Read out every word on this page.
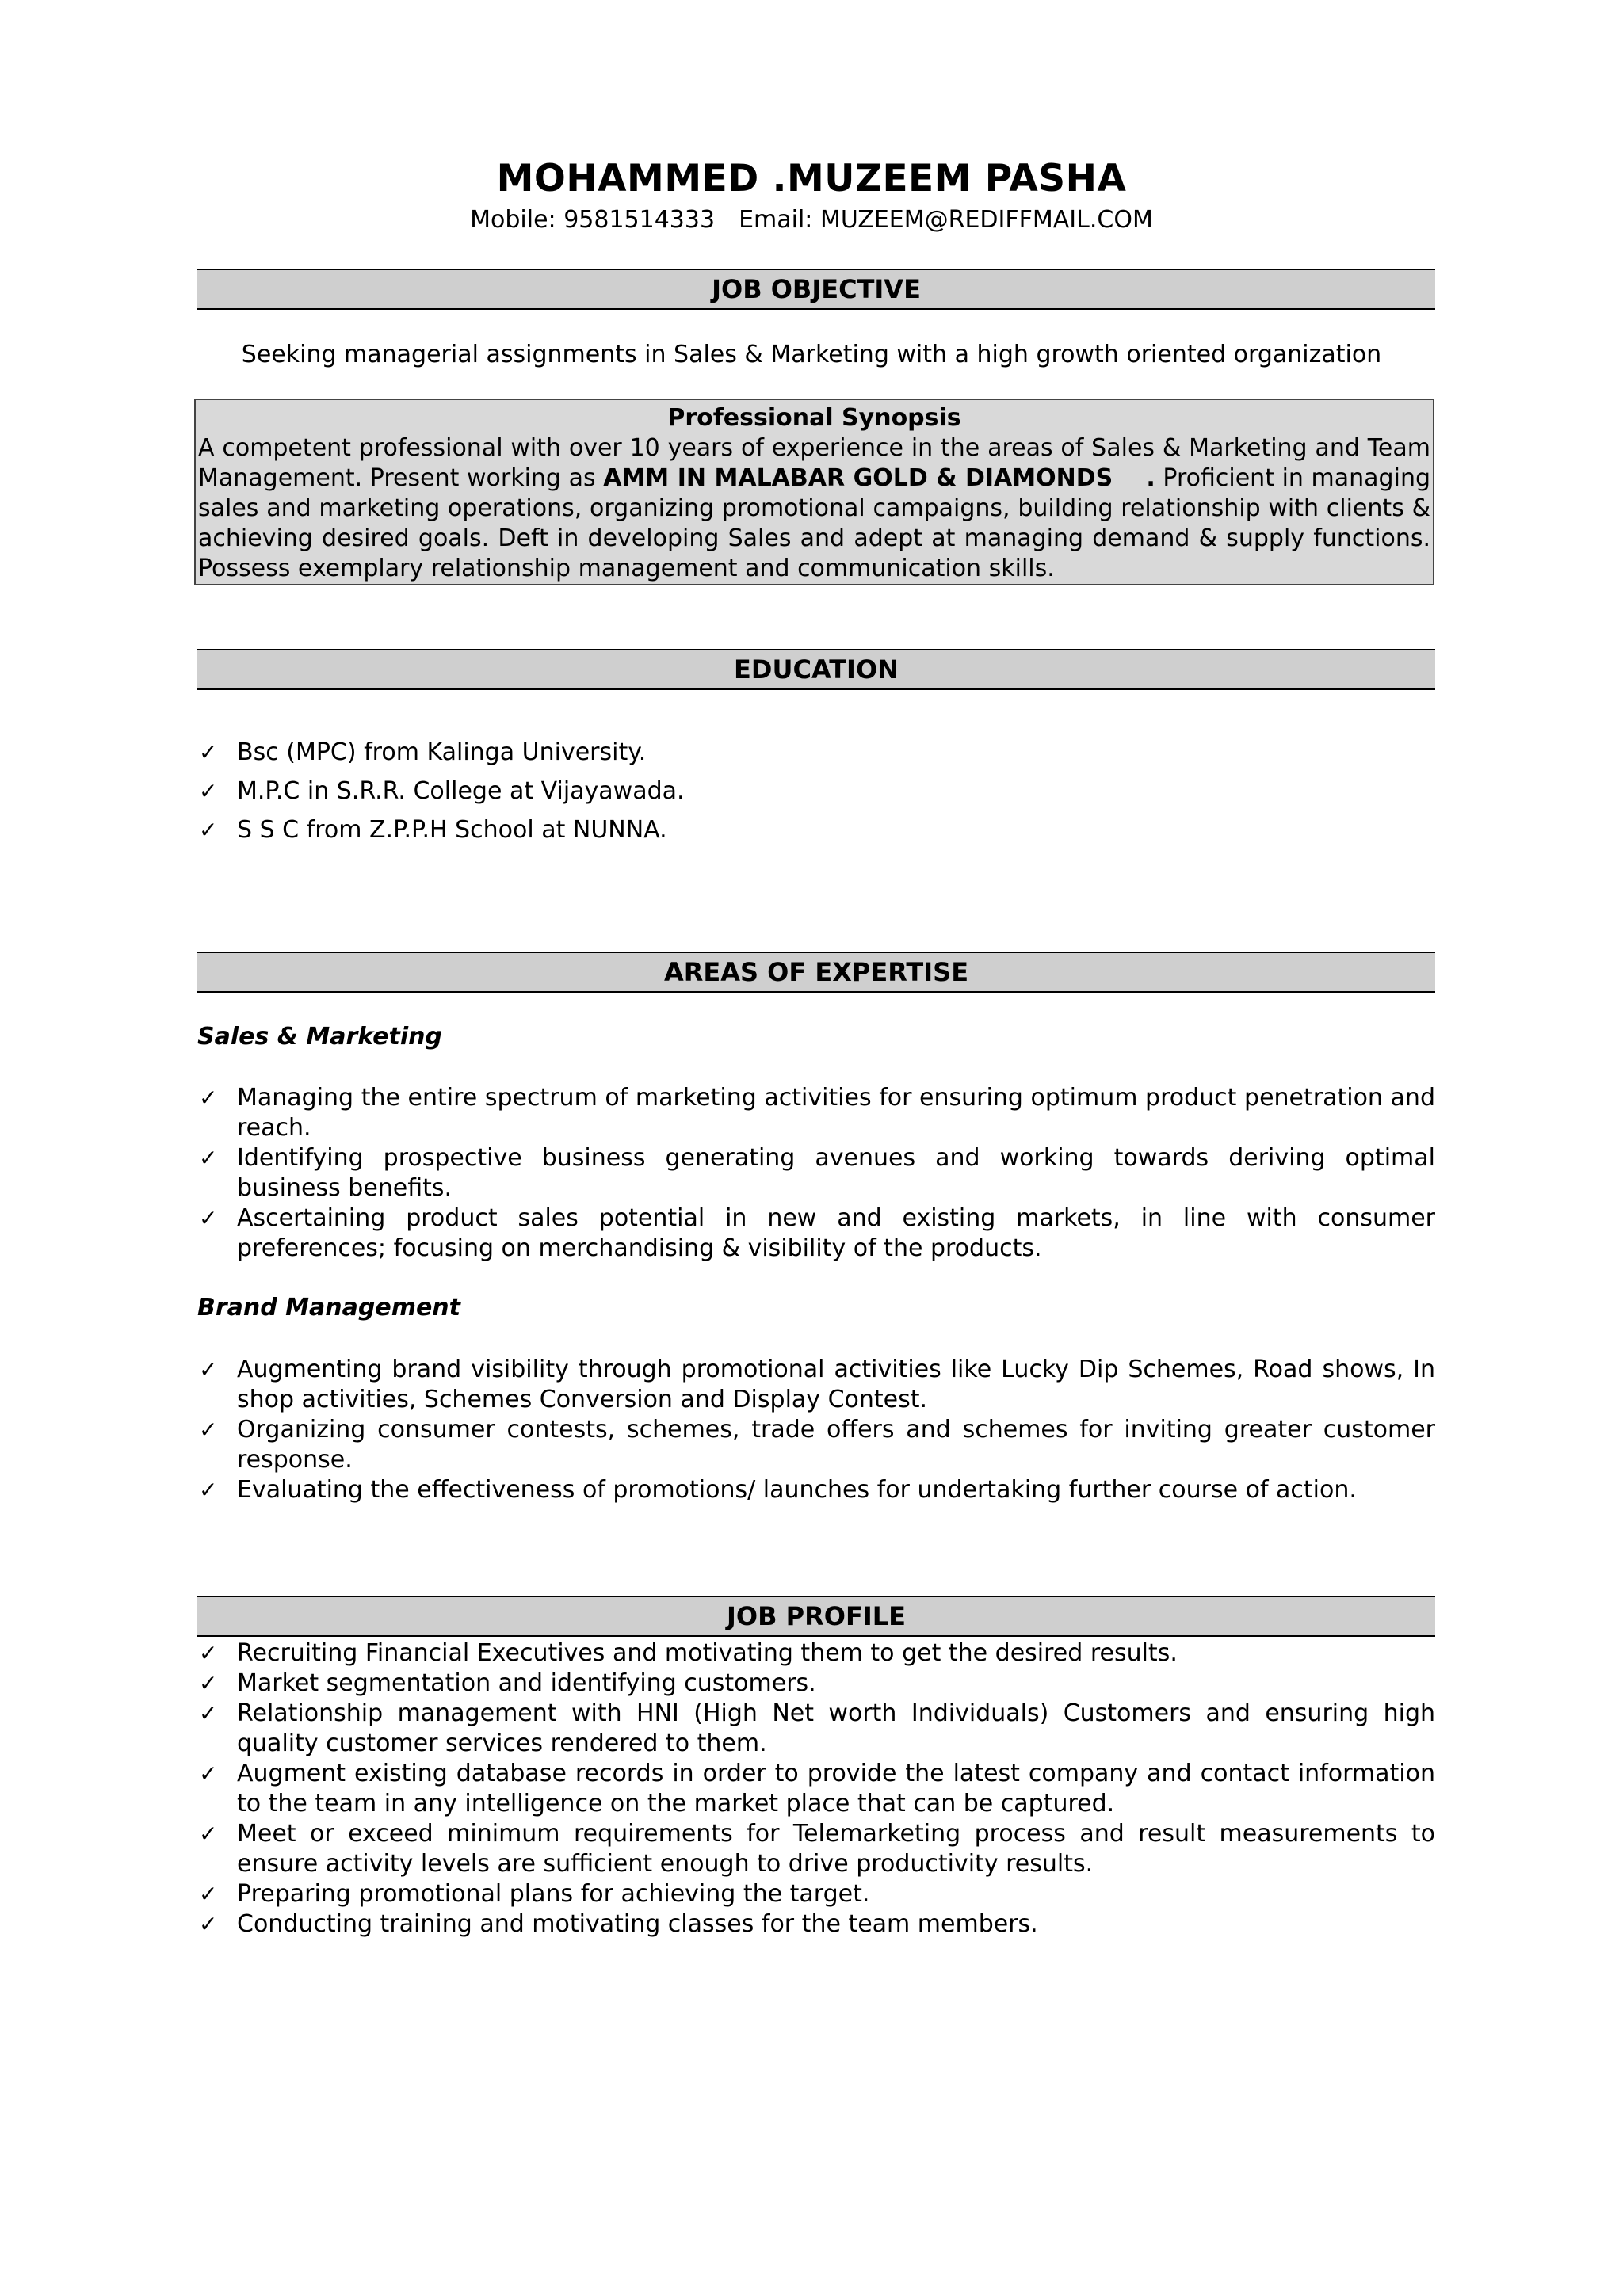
MOHAMMED .MUZEEM PASHA
Mobile: 9581514333 Email: MUZEEM@REDIFFMAIL.COM
JOB OBJECTIVE
Seeking managerial assignments in Sales & Marketing with a high growth oriented organization
Professional Synopsis
A competent professional with over 10 years of experience in the areas of Sales & Marketing and Team Management. Present working as AMM IN MALABAR GOLD & DIAMONDS    . Proficient in managing sales and marketing operations, organizing promotional campaigns, building relationship with clients & achieving desired goals. Deft in developing Sales and adept at managing demand & supply functions. Possess exemplary relationship management and communication skills.
EDUCATION
✓ Bsc (MPC) from Kalinga University.
✓ M.P.C in S.R.R. College at Vijayawada.
✓ S S C from Z.P.P.H School at NUNNA.
AREAS OF EXPERTISE
Sales & Marketing
✓ Managing the entire spectrum of marketing activities for ensuring optimum product penetration and reach.
✓ Identifying prospective business generating avenues and working towards deriving optimal business benefits.
✓ Ascertaining product sales potential in new and existing markets, in line with consumer preferences; focusing on merchandising & visibility of the products.
Brand Management
✓ Augmenting brand visibility through promotional activities like Lucky Dip Schemes, Road shows, In shop activities, Schemes Conversion and Display Contest.
✓ Organizing consumer contests, schemes, trade offers and schemes for inviting greater customer response.
✓ Evaluating the effectiveness of promotions/ launches for undertaking further course of action.
JOB PROFILE
✓ Recruiting Financial Executives and motivating them to get the desired results.
✓ Market segmentation and identifying customers.
✓ Relationship management with HNI (High Net worth Individuals) Customers and ensuring high quality customer services rendered to them.
✓ Augment existing database records in order to provide the latest company and contact information to the team in any intelligence on the market place that can be captured.
✓ Meet or exceed minimum requirements for Telemarketing process and result measurements to ensure activity levels are sufficient enough to drive productivity results.
✓ Preparing promotional plans for achieving the target.
✓ Conducting training and motivating classes for the team members.
